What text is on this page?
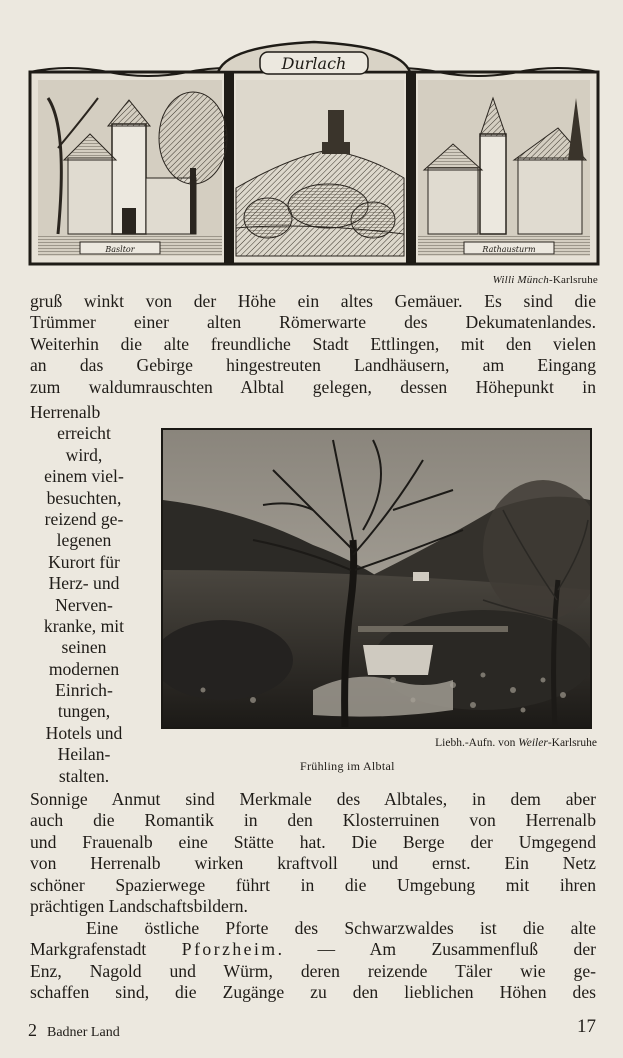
Durlach
Basltor	Rathausturm
Willi Münch-Karlsruhe
gruß winkt von der Höhe ein altes Gemäuer. Es sind die
Trümmer einer alten Römerwarte des Dekumatenlandes.
Weiterhin die alte freundliche Stadt Ettlingen, mit den vielen
an das Gebirge hingestreuten Landhäusern, am Eingang
zum waldumrauschten Albtal gelegen, dessen Höhepunkt in
Herrenalb
erreicht
wird,
einem viel-
besuchten,
reizend ge-
legenen
Kurort für
Herz- und
Nerven-
kranke, mit
seinen
modernen
Einrich-
tungen,
Hotels und
Heilan-
stalten.
Liebh.-Aufn. von Weiler-Karlsruhe
Frühling im Albtal
Sonnige Anmut sind Merkmale des Albtales, in dem aber
auch die Romantik in den Klosterruinen von Herrenalb
und Frauenalb eine Stätte hat. Die Berge der Umgegend
von Herrenalb wirken kraftvoll und ernst. Ein Netz
schöner Spazierwege führt in die Umgebung mit ihren
prächtigen Landschaftsbildern.
Eine östliche Pforte des Schwarzwaldes ist die alte
Markgrafenstadt Pforzheim. — Am Zusammenfluß der
Enz, Nagold und Würm, deren reizende Täler wie ge-
schaffen sind, die Zugänge zu den lieblichen Höhen des
2 Badner Land	17
